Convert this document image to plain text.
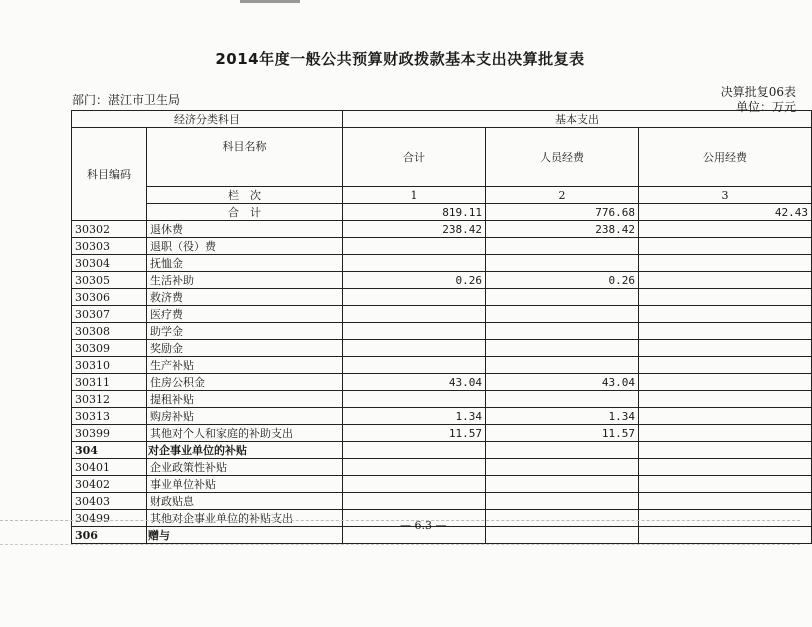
2014年度一般公共预算财政拨款基本支出决算批复表
部门：湛江市卫生局
决算批复06表
单位：万元
经济分类科目		基本支出		
科目编码	科目名称	合计	人员经费	公用经费
	栏　次	1	2	3
	合　计	819.11	776.68	42.43
30302	退休费	238.42	238.42	
30303	退职（役）费			
30304	抚恤金			
30305	生活补助	0.26	0.26	
30306	救济费			
30307	医疗费			
30308	助学金			
30309	奖励金			
30310	生产补贴			
30311	住房公积金	43.04	43.04	
30312	提租补贴			
30313	购房补贴	1.34	1.34	
30399	其他对个人和家庭的补助支出	11.57	11.57	
304	对企事业单位的补贴			
30401	企业政策性补贴			
30402	事业单位补贴			
30403	财政贴息			
30499	其他对企事业单位的补贴支出			
306	赠与			
— 6.3 —
